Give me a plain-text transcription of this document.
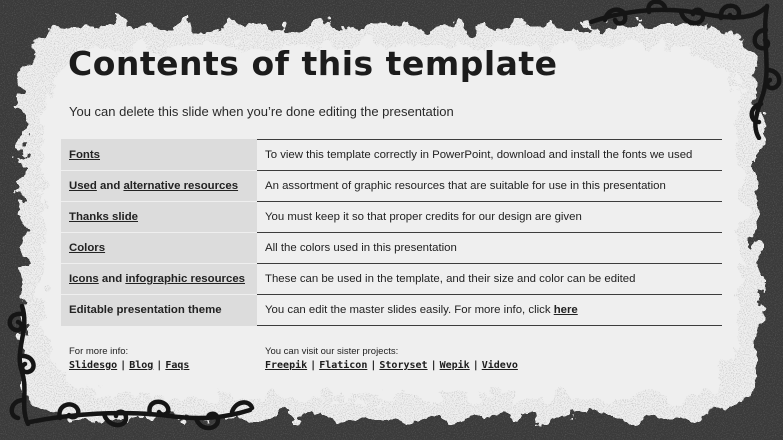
Contents of this template
You can delete this slide when you’re done editing the presentation
Fonts	To view this template correctly in PowerPoint, download and install the fonts we used
Used and alternative resources	An assortment of graphic resources that are suitable for use in this presentation
Thanks slide	You must keep it so that proper credits for our design are given
Colors	All the colors used in this presentation
Icons and infographic resources	These can be used in the template, and their size and color can be edited
Editable presentation theme	You can edit the master slides easily. For more info, click here
For more info:
Slidesgo | Blog | Faqs
You can visit our sister projects:
Freepik | Flaticon | Storyset | Wepik | Videvo
